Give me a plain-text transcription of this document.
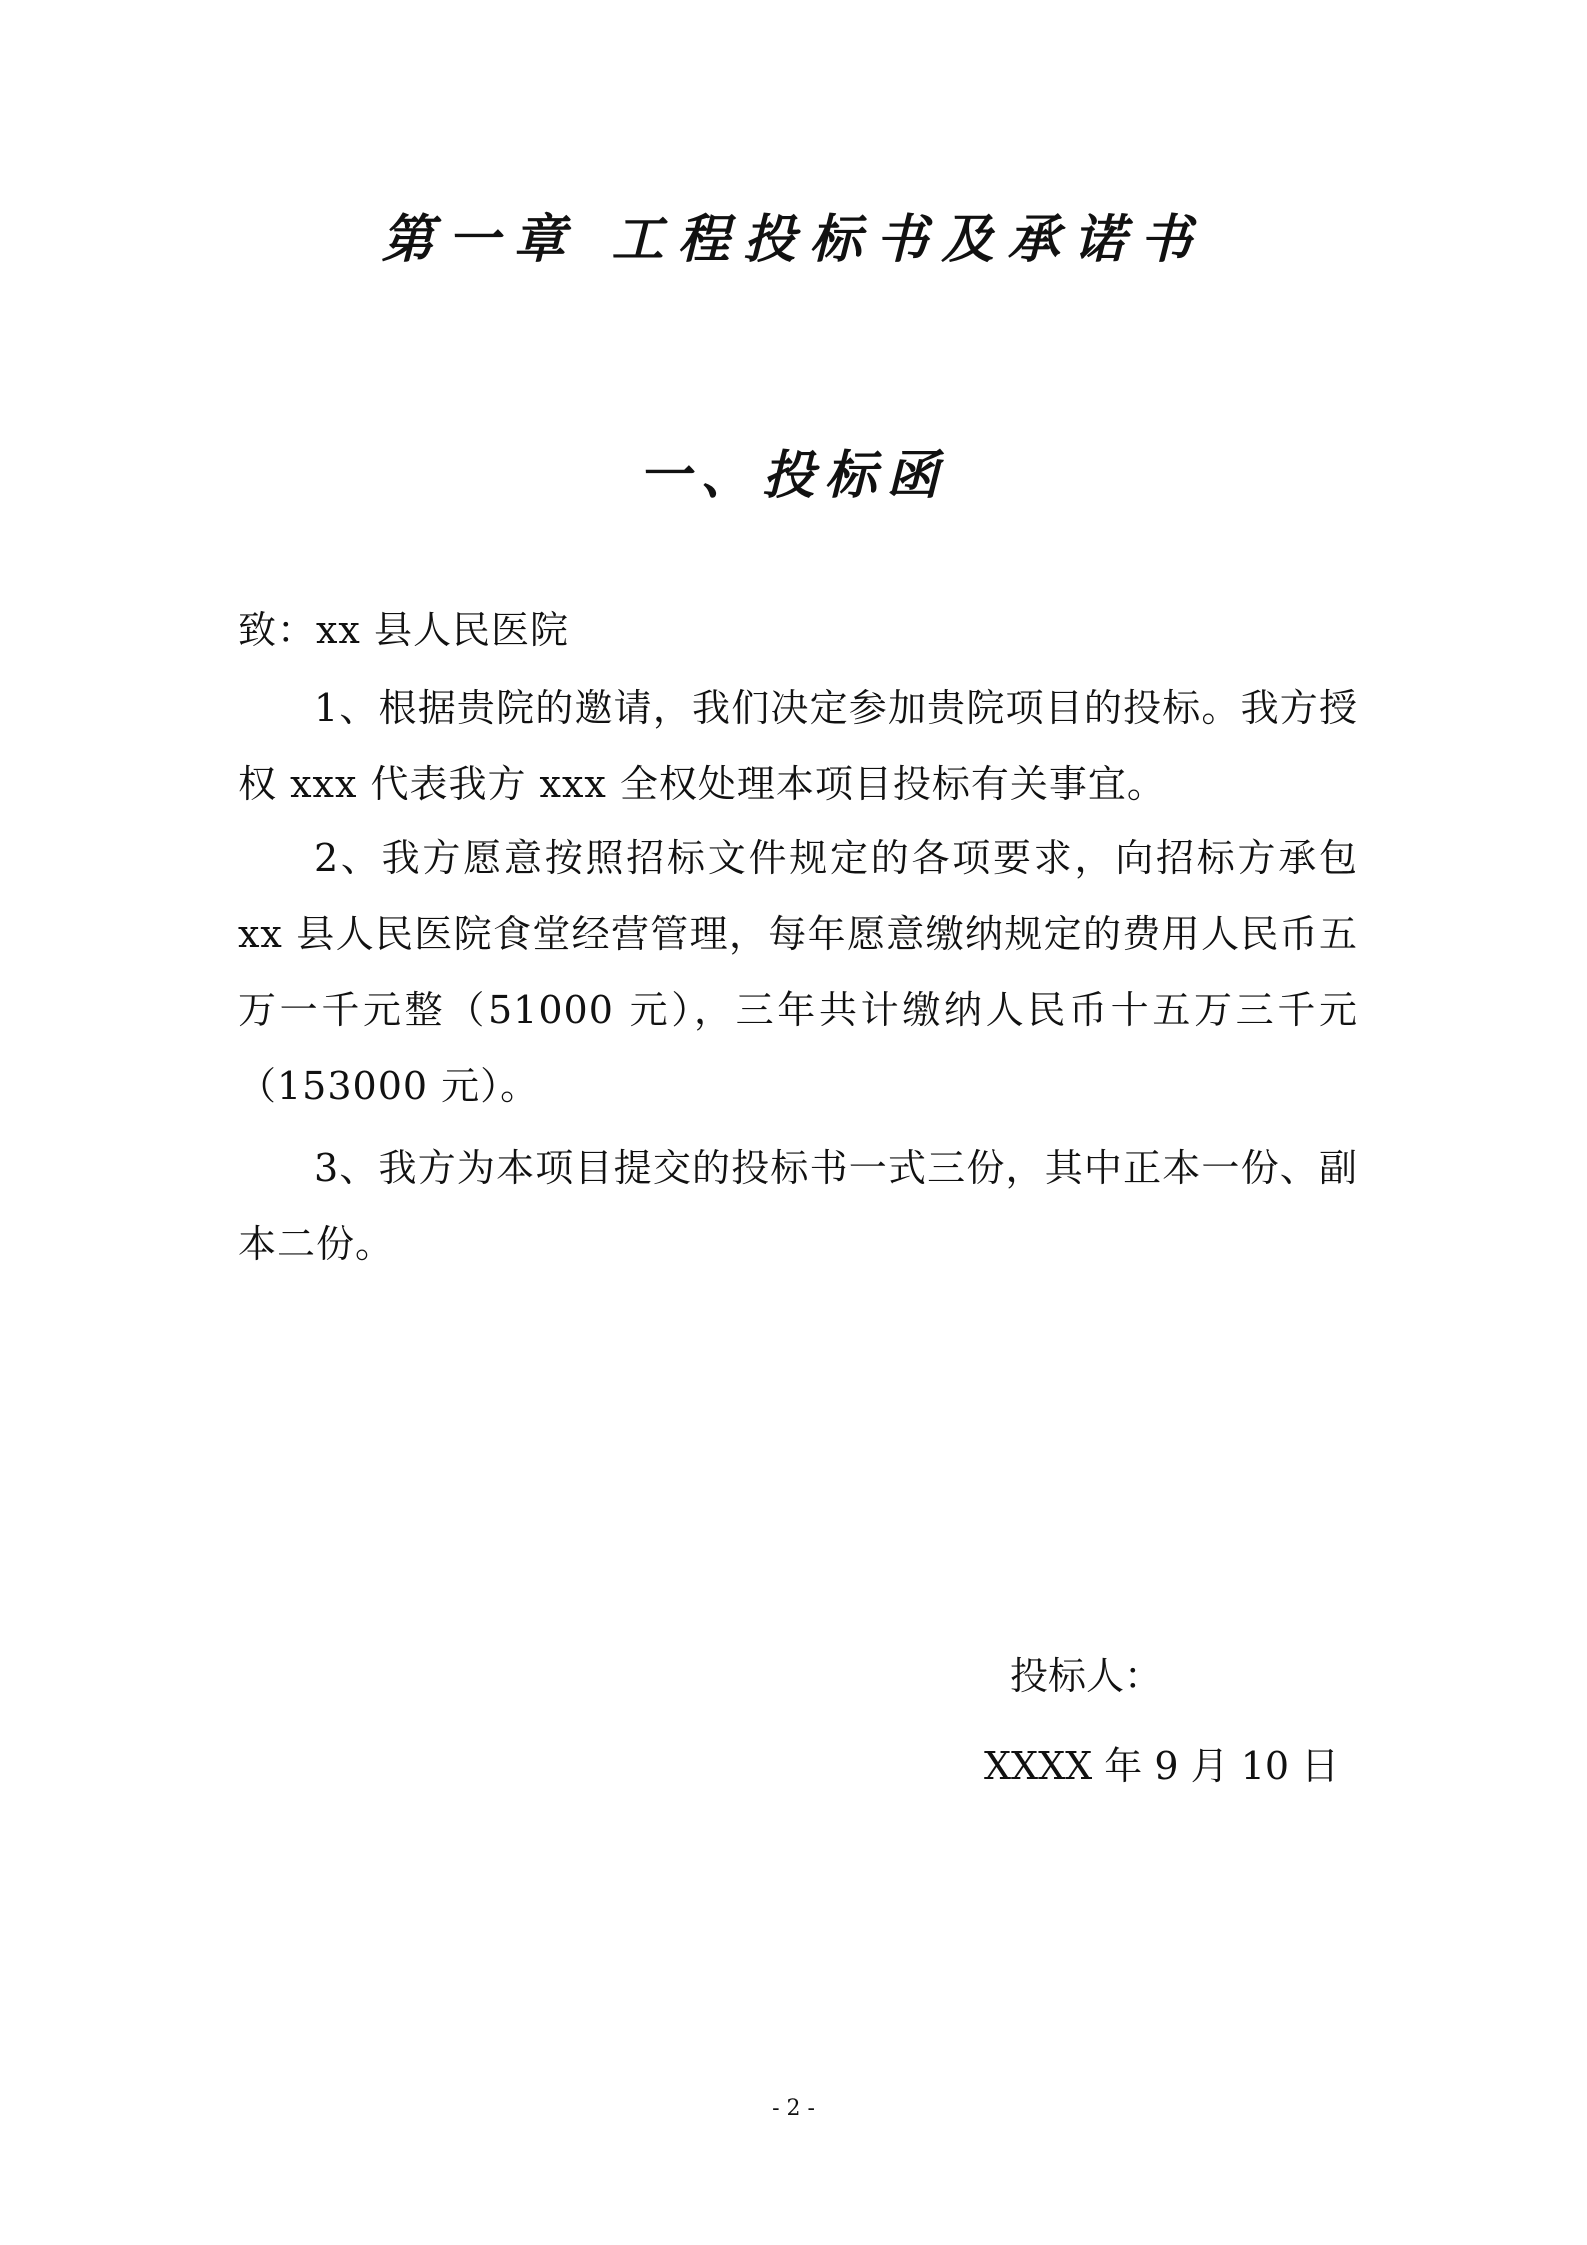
第一章 工程投标书及承诺书
一、投标函
致：xx 县人民医院

1、根据贵院的邀请，我们决定参加贵院项目的投标。我方授权 xxx 代表我方 xxx 全权处理本项目投标有关事宜。

2、我方愿意按照招标文件规定的各项要求，向招标方承包 xx 县人民医院食堂经营管理，每年愿意缴纳规定的费用人民币五万一千元整（51000 元），三年共计缴纳人民币十五万三千元（153000 元）。

3、我方为本项目提交的投标书一式三份，其中正本一份、副本二份。

投标人：
XXXX 年 9 月 10 日
- 2 -
